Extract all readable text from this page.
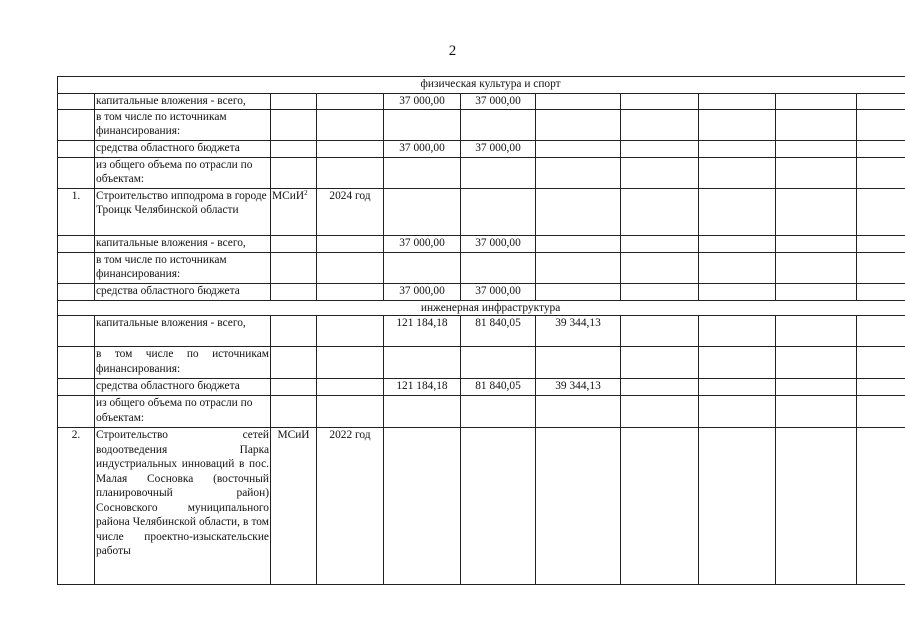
2
физическая культура и спорт										
	капитальные вложения - всего,			37 000,00	37 000,00					
	в том числе по источникам финансирования:									
	средства областного бюджета			37 000,00	37 000,00					
	из общего объема по отрасли по объектам:									
1.	Строительство ипподрома в городе Троицк Челябинской области	МСиИ$^2$	2024 год							
	капитальные вложения - всего,			37 000,00	37 000,00					
	в том числе по источникам финансирования:									
	средства областного бюджета			37 000,00	37 000,00					
инженерная инфраструктура										
	капитальные вложения - всего,			121 184,18	81 840,05	39 344,13				
	в том числе по источникам финансирования:									
	средства областного бюджета			121 184,18	81 840,05	39 344,13				
	из общего объема по отрасли по объектам:									
2.	Строительство сетей водоотведения Парка индустриальных инноваций в пос. Малая Сосновка (восточный планировочный район) Сосновского муниципального района Челябинской области, в том числе проектно-изыскательские работы	МСиИ	2022 год							
